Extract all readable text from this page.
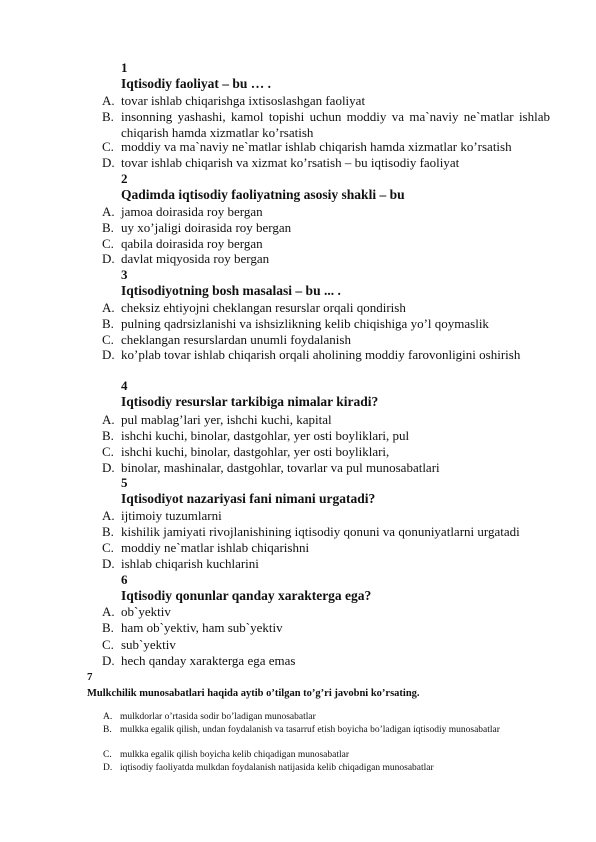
1
Iqtisodiy faoliyat – bu … .
A. tovar ishlab chiqarishga ixtisoslashgan faoliyat
B. insonning yashashi, kamol topishi uchun moddiy va ma`naviy ne`matlar ishlab chiqarish hamda xizmatlar ko’rsatish
C. moddiy va ma`naviy ne`matlar ishlab chiqarish hamda xizmatlar ko’rsatish
D. tovar ishlab chiqarish va xizmat ko’rsatish – bu iqtisodiy faoliyat
2
Qadimda iqtisodiy faoliyatning asosiy shakli – bu
A. jamoa doirasida roy bergan
B. uy xo’jaligi doirasida roy bergan
C. qabila doirasida roy bergan
D. davlat miqyosida roy bergan
3
Iqtisodiyotning bosh masalasi – bu ... .
A. cheksiz ehtiyojni cheklangan resurslar orqali qondirish
B. pulning qadrsizlanishi va ishsizlikning kelib chiqishiga yo’l qoymaslik
C. cheklangan resurslardan unumli foydalanish
D. ko’plab tovar ishlab chiqarish orqali aholining moddiy farovonligini oshirish
4
Iqtisodiy resurslar tarkibiga nimalar kiradi?
A. pul mablag’lari yer, ishchi kuchi, kapital
B. ishchi kuchi, binolar, dastgohlar, yer osti boyliklari, pul
C. ishchi kuchi, binolar, dastgohlar, yer osti boyliklari,
D. binolar, mashinalar, dastgohlar, tovarlar va pul munosabatlari
5
Iqtisodiyot nazariyasi fani nimani urgatadi?
A. ijtimoiy tuzumlarni
B. kishilik jamiyati rivojlanishining iqtisodiy qonuni va qonuniyatlarni urgatadi
C. moddiy ne`matlar ishlab chiqarishni
D. ishlab chiqarish kuchlarini
6
Iqtisodiy qonunlar qanday xarakterga ega?
A. ob`yektiv
B. ham ob`yektiv, ham sub`yektiv
C. sub`yektiv
D. hech qanday xarakterga ega emas
7
Mulkchilik munosabatlari haqida aytib o’tilgan to’g’ri javobni ko’rsating.
A. mulkdorlar o’rtasida sodir bo’ladigan munosabatlar
B. mulkka egalik qilish, undan foydalanish va tasarruf etish boyicha bo’ladigan iqtisodiy munosabatlar
C. mulkka egalik qilish boyicha kelib chiqadigan munosabatlar
D. iqtisodiy faoliyatda mulkdan foydalanish natijasida kelib chiqadigan munosabatlar
